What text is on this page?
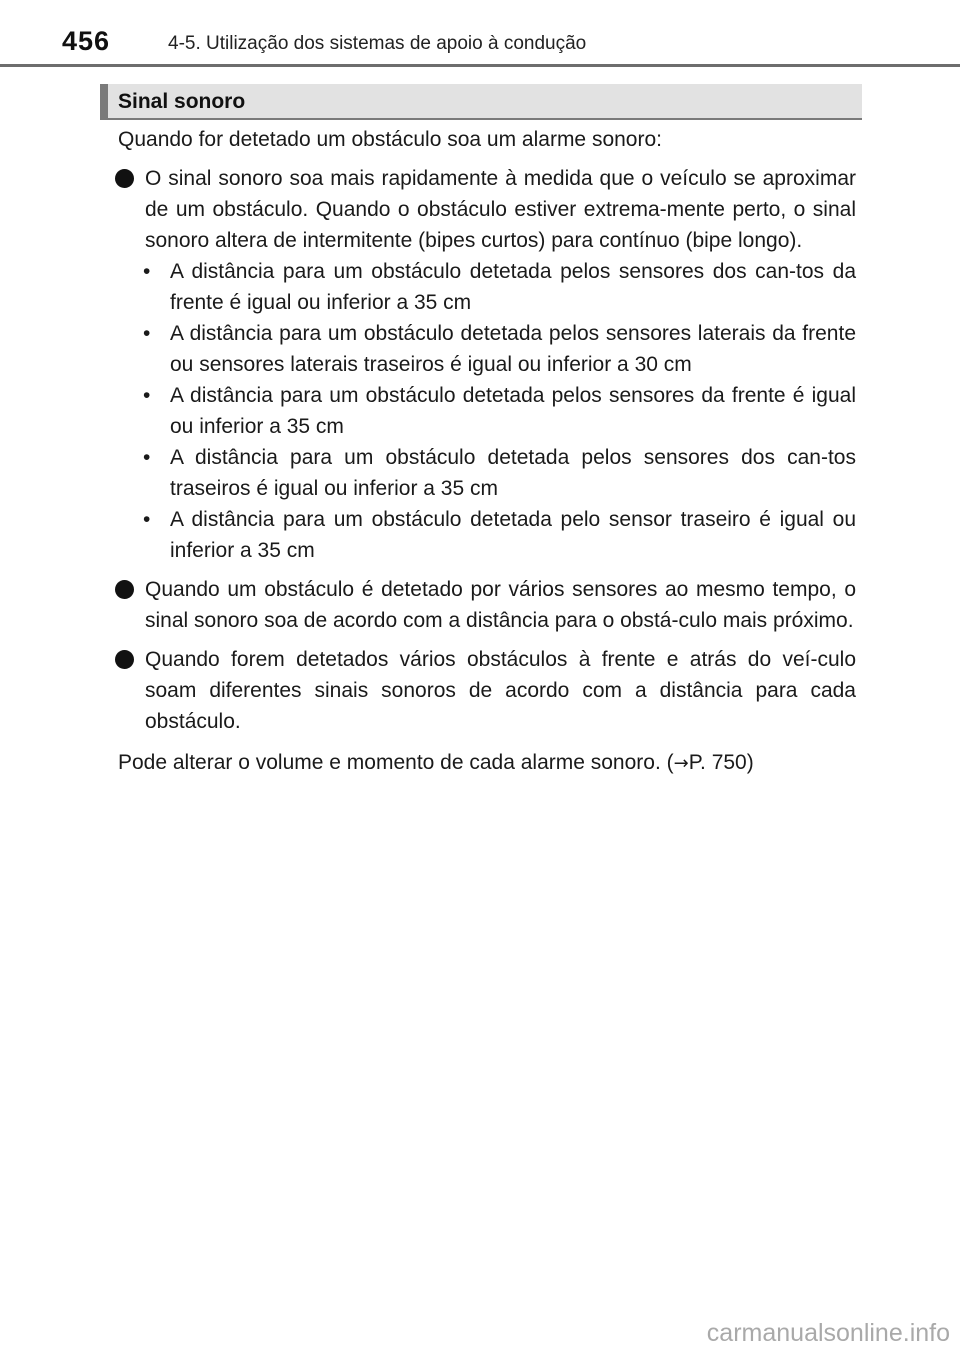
456	4-5. Utilização dos sistemas de apoio à condução
Sinal sonoro

Quando for detetado um obstáculo soa um alarme sonoro:

O sinal sonoro soa mais rapidamente à medida que o veículo se aproximar de um obstáculo. Quando o obstáculo estiver extrema-mente perto, o sinal sonoro altera de intermitente (bipes curtos) para contínuo (bipe longo).
• A distância para um obstáculo detetada pelos sensores dos can-tos da frente é igual ou inferior a 35 cm
• A distância para um obstáculo detetada pelos sensores laterais da frente ou sensores laterais traseiros é igual ou inferior a 30 cm
• A distância para um obstáculo detetada pelos sensores da frente é igual ou inferior a 35 cm
• A distância para um obstáculo detetada pelos sensores dos can-tos traseiros é igual ou inferior a 35 cm
• A distância para um obstáculo detetada pelo sensor traseiro é igual ou inferior a 35 cm
Quando um obstáculo é detetado por vários sensores ao mesmo tempo, o sinal sonoro soa de acordo com a distância para o obstá-culo mais próximo.
Quando forem detetados vários obstáculos à frente e atrás do veí-culo soam diferentes sinais sonoros de acordo com a distância para cada obstáculo.

Pode alterar o volume e momento de cada alarme sonoro. (→P. 750)

carmanualsonline.info
